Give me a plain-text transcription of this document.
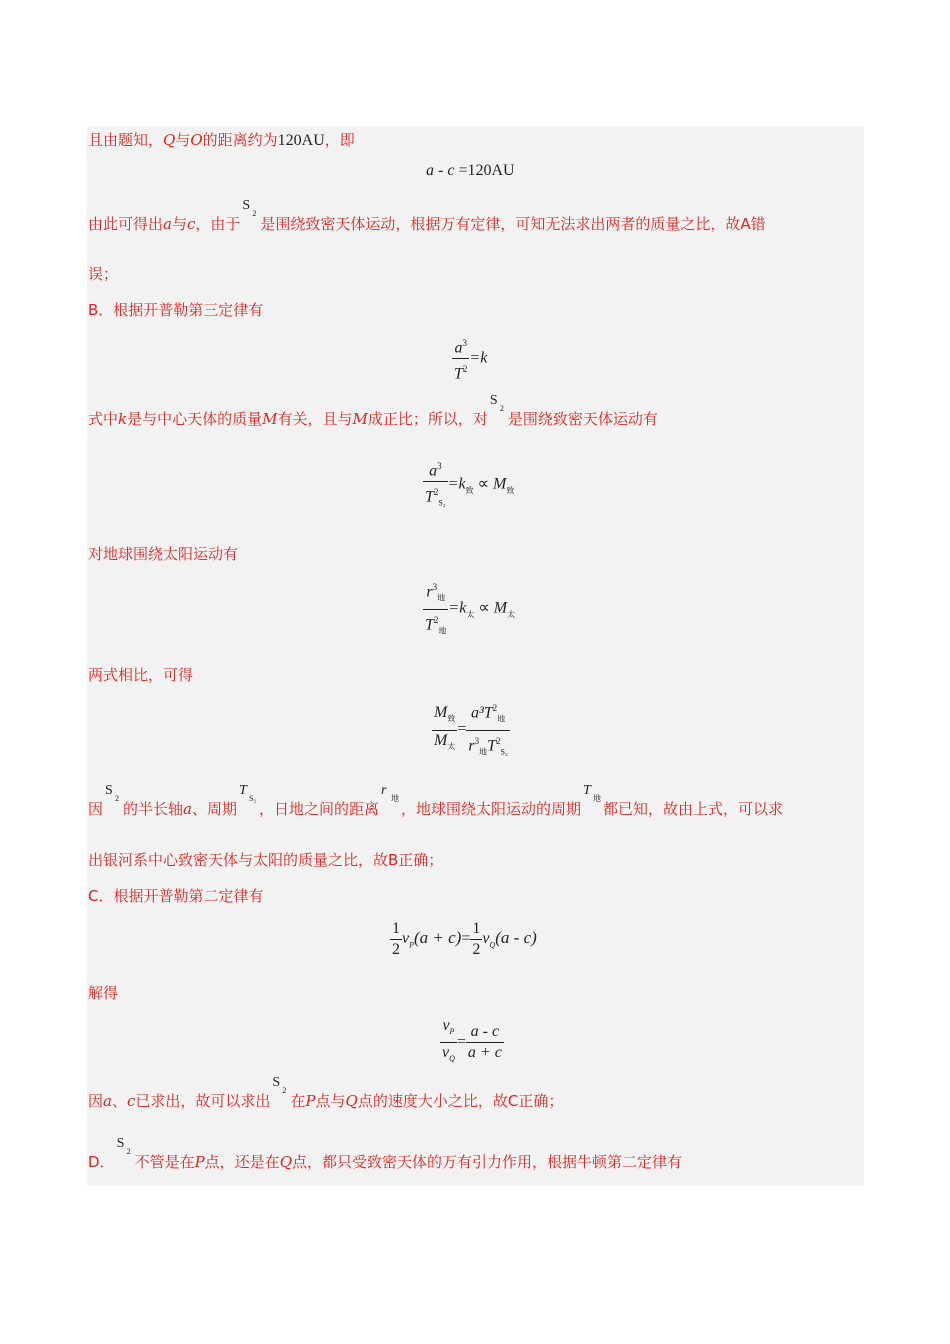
且由题知，Q与O的距离约为120AU，即
a - c =120AU
由此可得出a与c，由于
S
2
是围绕致密天体运动，根据万有定律，可知无法求出两者的质量之比，故A错
误；
B．根据开普勒第三定律有
$\frac{a^3}{T^2} =k$
式中k是与中心天体的质量M有关，且与M成正比；所以，对
S
2
是围绕致密天体运动有
$\frac{a^3}{T^2_{S_2}} =k_致 \propto M_致$
对地球围绕太阳运动有
$\frac{r^3_地}{T^2_地} =k_太 \propto M_太$
两式相比，可得
$\frac{M_致}{M_太} = \frac{a^3T^2_地}{r^3_地T^2_{S_2}}$
因
S
2
的半长轴a、周期
T
S₂
，日地之间的距离
r
地
，地球围绕太阳运动的周期
T
地
都已知，故由上式，可以求
出银河系中心致密天体与太阳的质量之比，故B正确；
C．根据开普勒第二定律有
$\frac{1}{2} v_P(a + c)= \frac{1}{2} v_Q(a - c)$
解得
$\frac{v_P}{v_Q} = \frac{a - c}{a + c}$
因a、c已求出，故可以求出
S
2
在P点与Q点的速度大小之比，故C正确；
D．
S
2
不管是在P点，还是在Q点，都只受致密天体的万有引力作用，根据牛顿第二定律有
